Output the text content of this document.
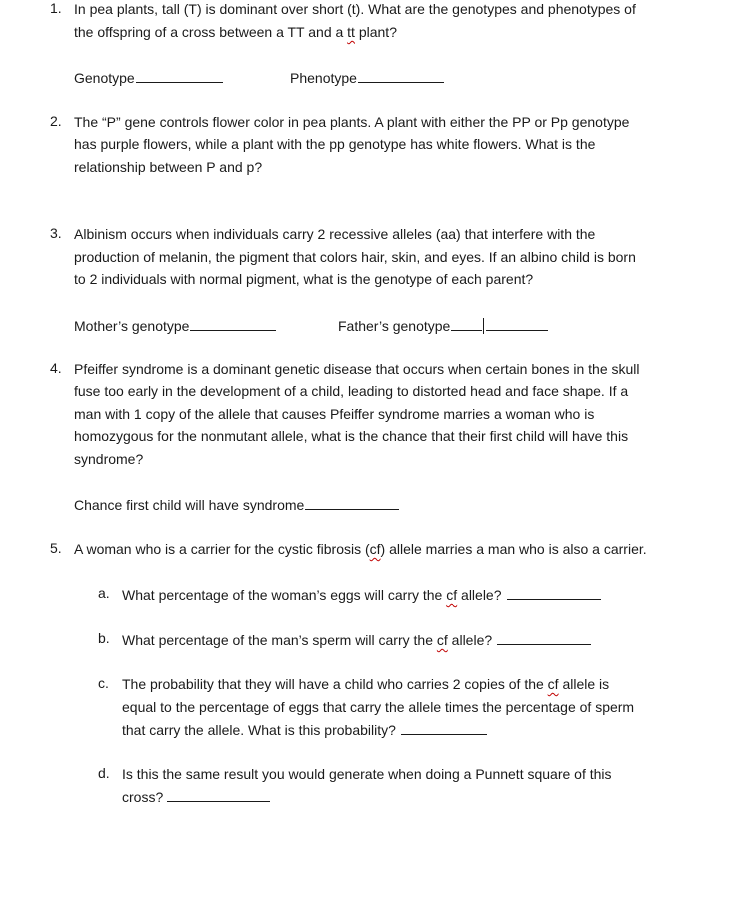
1. In pea plants, tall (T) is dominant over short (t). What are the genotypes and phenotypes of
the offspring of a cross between a TT and a tt plant?
Genotype	Phenotype
2. The “P” gene controls flower color in pea plants. A plant with either the PP or Pp genotype
has purple flowers, while a plant with the pp genotype has white flowers. What is the
relationship between P and p?
3. Albinism occurs when individuals carry 2 recessive alleles (aa) that interfere with the
production of melanin, the pigment that colors hair, skin, and eyes. If an albino child is born
to 2 individuals with normal pigment, what is the genotype of each parent?
Mother’s genotype	Father’s genotype
4. Pfeiffer syndrome is a dominant genetic disease that occurs when certain bones in the skull
fuse too early in the development of a child, leading to distorted head and face shape. If a
man with 1 copy of the allele that causes Pfeiffer syndrome marries a woman who is
homozygous for the nonmutant allele, what is the chance that their first child will have this
syndrome?
Chance first child will have syndrome
5. A woman who is a carrier for the cystic fibrosis (cf) allele marries a man who is also a carrier.
a. What percentage of the woman’s eggs will carry the cf allele?
b. What percentage of the man’s sperm will carry the cf allele?
c. The probability that they will have a child who carries 2 copies of the cf allele is
equal to the percentage of eggs that carry the allele times the percentage of sperm
that carry the allele. What is this probability?
d. Is this the same result you would generate when doing a Punnett square of this
cross?
